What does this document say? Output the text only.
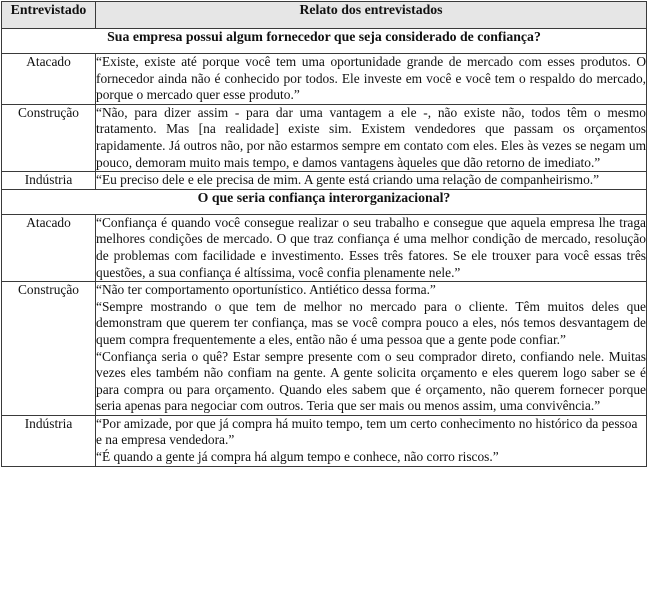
Entrevistado	Relato dos entrevistados
Sua empresa possui algum fornecedor que seja considerado de confiança?	
Atacado	“Existe, existe até porque você tem uma oportunidade grande de mercado com esses produtos. O fornecedor ainda não é conhecido por todos. Ele investe em você e você tem o respaldo do mercado, porque o mercado quer esse produto.”

Construção	“Não, para dizer assim - para dar uma vantagem a ele -, não existe não, todos têm o mesmo tratamento. Mas [na realidade] existe sim. Existem vendedores que passam os orçamentos rapidamente. Já outros não, por não estarmos sempre em contato com eles. Eles às vezes se negam um pouco, demoram muito mais tempo, e damos vantagens àqueles que dão retorno de imediato.”

Indústria	“Eu preciso dele e ele precisa de mim. A gente está criando uma relação de companheirismo.”

O que seria confiança interorganizacional?	
Atacado	“Confiança é quando você consegue realizar o seu trabalho e consegue que aquela empresa lhe traga melhores condições de mercado. O que traz confiança é uma melhor condição de mercado, resolução de problemas com facilidade e investimento. Esses três fatores. Se ele trouxer para você essas três questões, a sua confiança é altíssima, você confia plenamente nele.”

Construção	“Não ter comportamento oportunístico. Antiético dessa forma.”

“Sempre mostrando o que tem de melhor no mercado para o cliente. Têm muitos deles que demonstram que querem ter confiança, mas se você compra pouco a eles, nós temos desvantagem de quem compra frequentemente a eles, então não é uma pessoa que a gente pode confiar.”

“Confiança seria o quê? Estar sempre presente com o seu comprador direto, confiando nele. Muitas vezes eles também não confiam na gente. A gente solicita orçamento e eles querem logo saber se é para compra ou para orçamento. Quando eles sabem que é orçamento, não querem fornecer porque seria apenas para negociar com outros. Teria que ser mais ou menos assim, uma convivência.”

Indústria	“Por amizade, por que já compra há muito tempo, tem um certo conhecimento no histórico da pessoa e na empresa vendedora.”

“É quando a gente já compra há algum tempo e conhece, não corro riscos.”
